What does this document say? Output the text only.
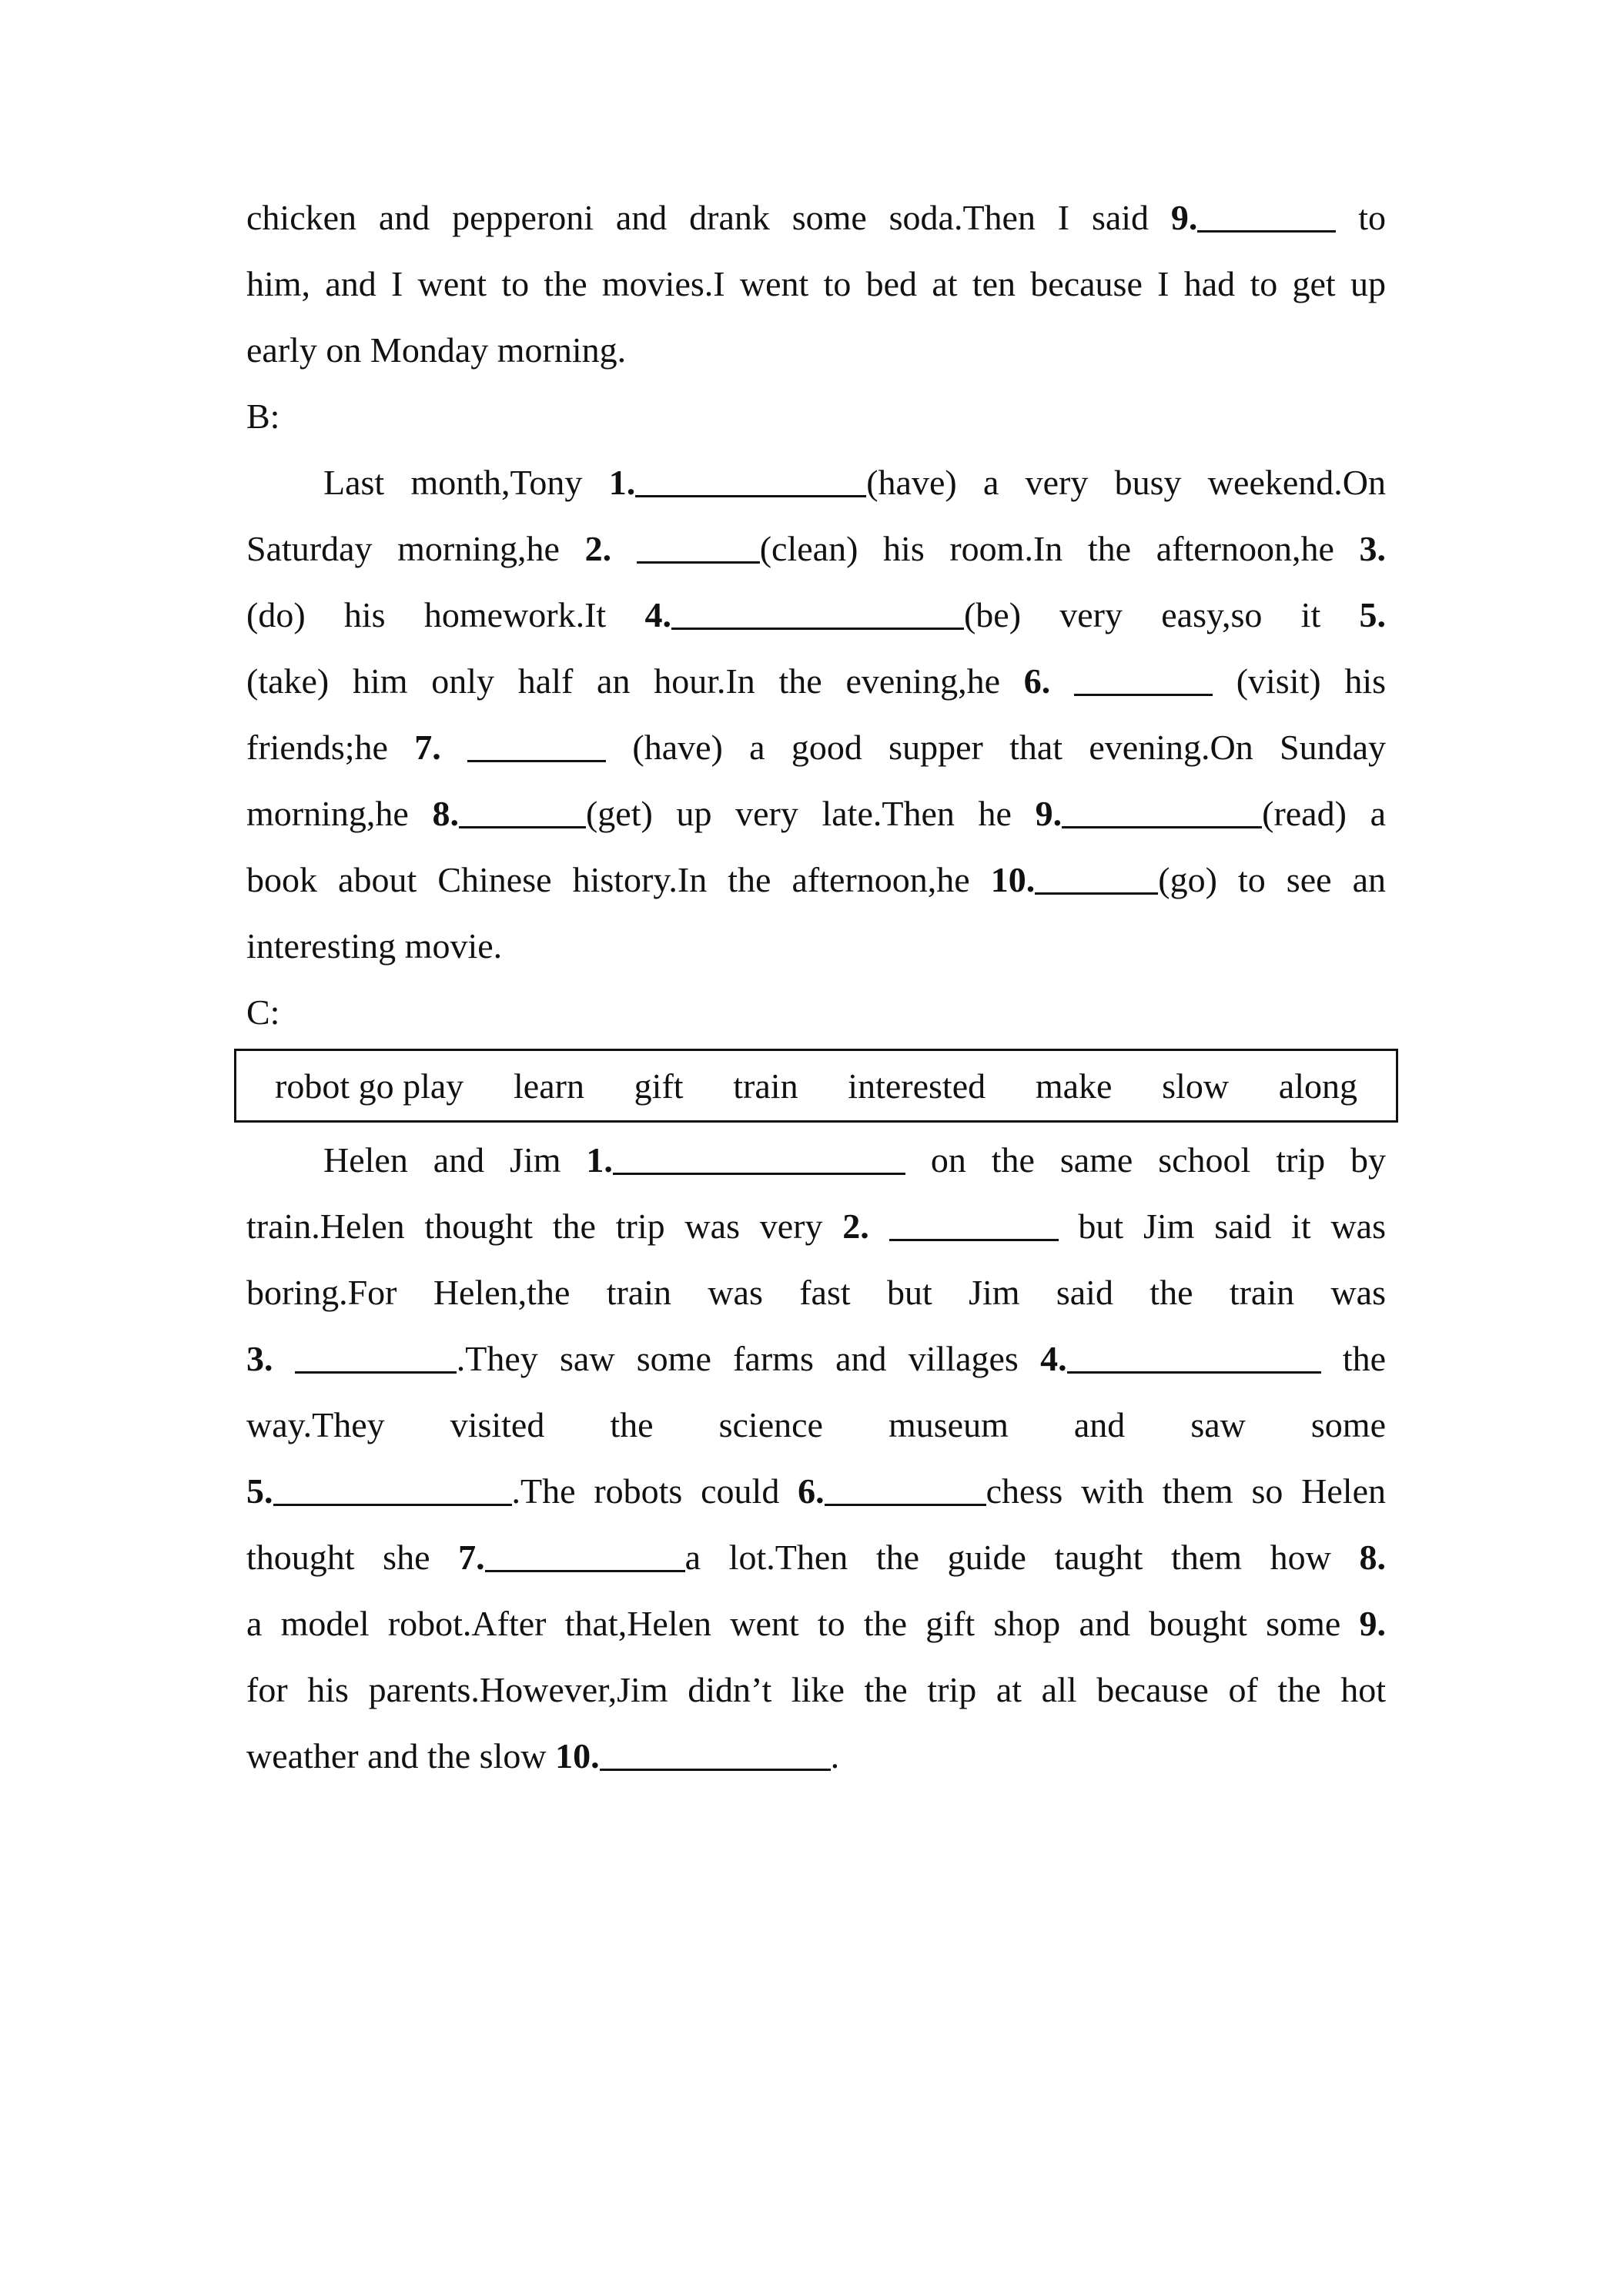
chicken and pepperoni and drank some soda.Then I said 9.	to
him, and I went to the movies.I went to bed at ten because I had to get up
early on Monday morning.
B:
Last month,Tony 1.	(have) a very busy weekend.On
Saturday morning,he 2.	(clean) his room.In the afternoon,he 3.
(do) his homework.It 4.	(be) very easy,so it 5.
(take) him only half an hour.In the evening,he 6.	(visit) his
friends;he 7.	(have) a good supper that evening.On Sunday
morning,he 8.	(get) up very late.Then he 9.	(read) a
book about Chinese history.In the afternoon,he 10.	(go) to see an
interesting movie.
C:
robot go play learn gift train interested make slow along
Helen and Jim 1.	on the same school trip by
train.Helen thought the trip was very 2.	but Jim said it was
boring.For Helen,the train was fast but Jim said the train was
3.	.They saw some farms and villages 4.	the
way.They visited the science museum and saw some
5.	.The robots could 6.	chess with them so Helen
thought she 7.	a lot.Then the guide taught them how 8.
a model robot.After that,Helen went to the gift shop and bought some 9.
for his parents.However,Jim didn’t like the trip at all because of the hot
weather and the slow 10.	.
